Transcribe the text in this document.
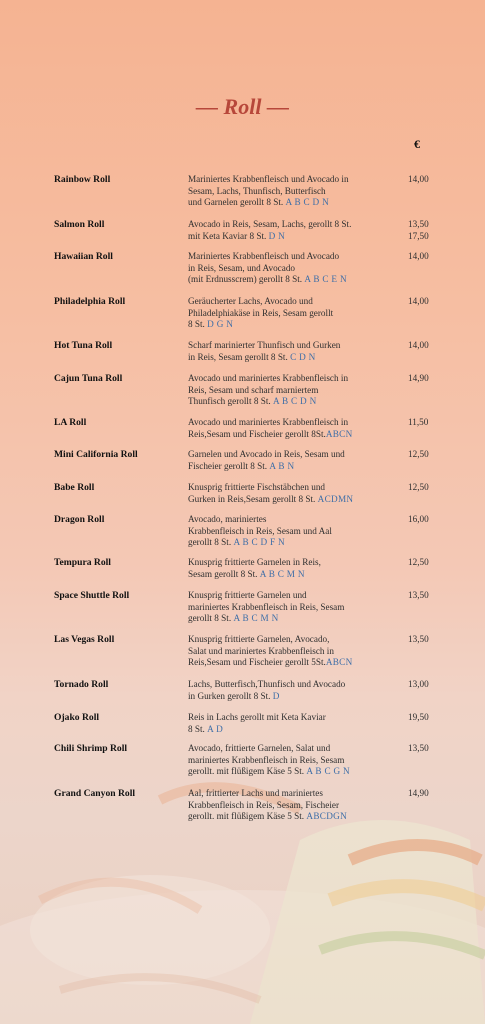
— Roll —
€
Rainbow Roll	Mariniertes Krabbenfleisch und Avocado in
Sesam, Lachs, Thunfisch, Butterfisch
und Garnelen gerollt 8 St. A B C D N
14,00
Salmon Roll	Avocado in Reis, Sesam, Lachs, gerollt 8 St.
mit Keta Kaviar 8 St. D N
13,50
17,50
Hawaiian Roll	Mariniertes Krabbenfleisch und Avocado
in Reis, Sesam, und Avocado
(mit Erdnusscrem) gerollt 8 St. A B C E N
14,00
Philadelphia Roll	Geräucherter Lachs, Avocado und
Philadelphiakäse in Reis, Sesam gerollt
8 St. D G N
14,00
Hot Tuna Roll	Scharf marinierter Thunfisch und Gurken
in Reis, Sesam gerollt 8 St. C D N
14,00
Cajun Tuna Roll	Avocado und mariniertes Krabbenfleisch in
Reis, Sesam und scharf marniertem
Thunfisch gerollt 8 St. A B C D N
14,90
LA Roll	Avocado und mariniertes Krabbenfleisch in
Reis,Sesam und Fischeier gerollt 8St.ABCN
11,50
Mini California Roll	Garnelen und Avocado in Reis, Sesam und
Fischeier gerollt 8 St. A B N
12,50
Babe Roll	Knusprig frittierte Fischstäbchen und
Gurken in Reis,Sesam gerollt 8 St. ACDMN
12,50
Dragon Roll	Avocado, mariniertes
Krabbenfleisch in Reis, Sesam und Aal
gerollt 8 St. A B C D F N
16,00
Tempura Roll	Knusprig frittierte Garnelen in Reis,
Sesam gerollt 8 St. A B C M N
12,50
Space Shuttle Roll	Knusprig frittierte Garnelen und
mariniertes Krabbenfleisch in Reis, Sesam
gerollt 8 St. A B C M N
13,50
Las Vegas Roll	Knusprig frittierte Garnelen, Avocado,
Salat und mariniertes Krabbenfleisch in
Reis,Sesam und Fischeier gerollt 5St.ABCN
13,50
Tornado Roll	Lachs, Butterfisch,Thunfisch und Avocado
in Gurken gerollt 8 St. D
13,00
Ojako Roll	Reis in Lachs gerollt mit Keta Kaviar
8 St. A D
19,50
Chili Shrimp Roll	Avocado, frittierte Garnelen, Salat und
mariniertes Krabbenfleisch in Reis, Sesam
gerollt. mit flüßigem Käse 5 St. A B C G N
13,50
Grand Canyon Roll	Aal, frittierter Lachs und mariniertes
Krabbenfleisch in Reis, Sesam, Fischeier
gerollt. mit flüßigem Käse 5 St. ABCDGN
14,90
